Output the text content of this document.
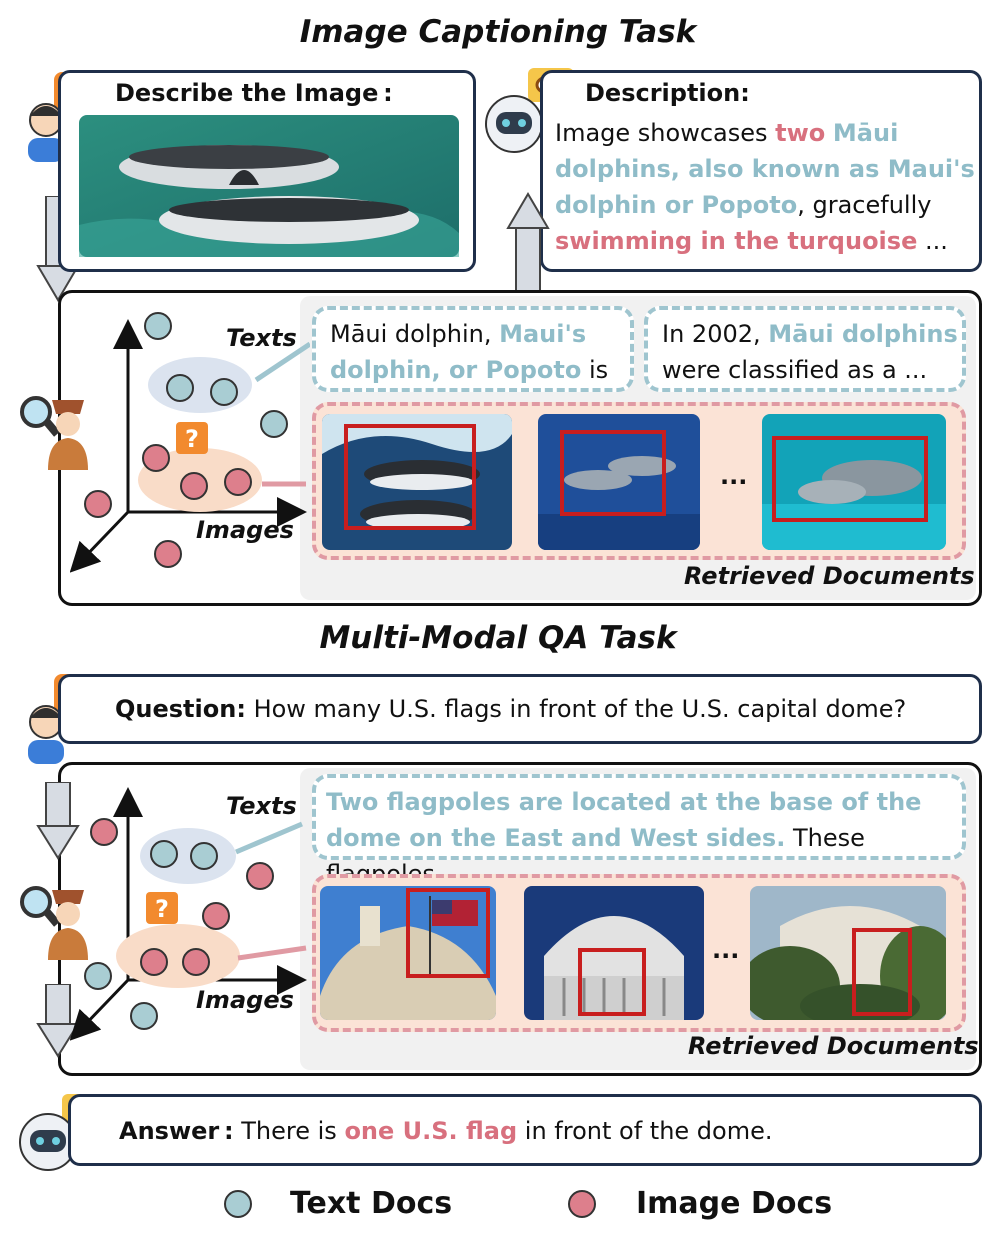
Image Captioning Task
Describe the Image :	Description:
Image showcases two Māui dolphins, also known as Maui's dolphin or Popoto, gracefully swimming in the turquoise ...
?
Texts
Images
Māui dolphin, Maui's dolphin, or Popoto is
In 2002, Māui dolphins were classified as a ...
...
Retrieved Documents
Multi-Modal QA Task
Question: How many U.S. flags in front of the U.S. capital dome?
?
Texts
Images
Two flagpoles are located at the base of the dome on the East and West sides. These
...
Retrieved Documents
Answer : There is one U.S. flag in front of the dome.
Text Docs	Image Docs
